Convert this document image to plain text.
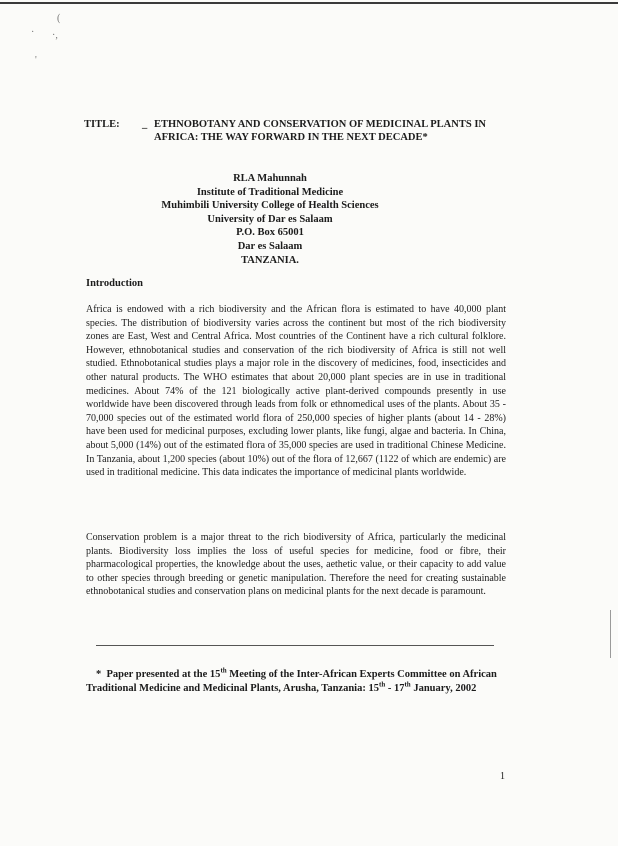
(
· ·,
'
TITLE: _ ETHNOBOTANY AND CONSERVATION OF MEDICINAL PLANTS IN AFRICA: THE WAY FORWARD IN THE NEXT DECADE*
RLA Mahunnah
Institute of Traditional Medicine
Muhimbili University College of Health Sciences
University of Dar es Salaam
P.O. Box 65001
Dar es Salaam
TANZANIA.
Introduction

Africa is endowed with a rich biodiversity and the African flora is estimated to have 40,000 plant species. The distribution of biodiversity varies across the continent but most of the rich biodiversity zones are East, West and Central Africa. Most countries of the Continent have a rich cultural folklore. However, ethnobotanical studies and conservation of the rich biodiversity of Africa is still not well studied. Ethnobotanical studies plays a major role in the discovery of medicines, food, insecticides and other natural products. The WHO estimates that about 20,000 plant species are in use in traditional medicines. About 74% of the 121 biologically active plant-derived compounds presently in use worldwide have been discovered through leads from folk or ethnomedical uses of the plants. About 35 - 70,000 species out of the estimated world flora of 250,000 species of higher plants (about 14 - 28%) have been used for medicinal purposes, excluding lower plants, like fungi, algae and bacteria. In China, about 5,000 (14%) out of the estimated flora of 35,000 species are used in traditional Chinese Medicine. In Tanzania, about 1,200 species (about 10%) out of the flora of 12,667 (1122 of which are endemic) are used in traditional medicine. This data indicates the importance of medicinal plants worldwide.

Conservation problem is a major threat to the rich biodiversity of Africa, particularly the medicinal plants. Biodiversity loss implies the loss of useful species for medicine, food or fibre, their pharmacological properties, the knowledge about the uses, aethetic value, or their capacity to add value to other species through breeding or genetic manipulation. Therefore the need for creating sustainable ethnobotanical studies and conservation plans on medicinal plants for the next decade is paramount.

* Paper presented at the 15th Meeting of the Inter-African Experts Committee on African Traditional Medicine and Medicinal Plants, Arusha, Tanzania: 15th - 17th January, 2002
1
